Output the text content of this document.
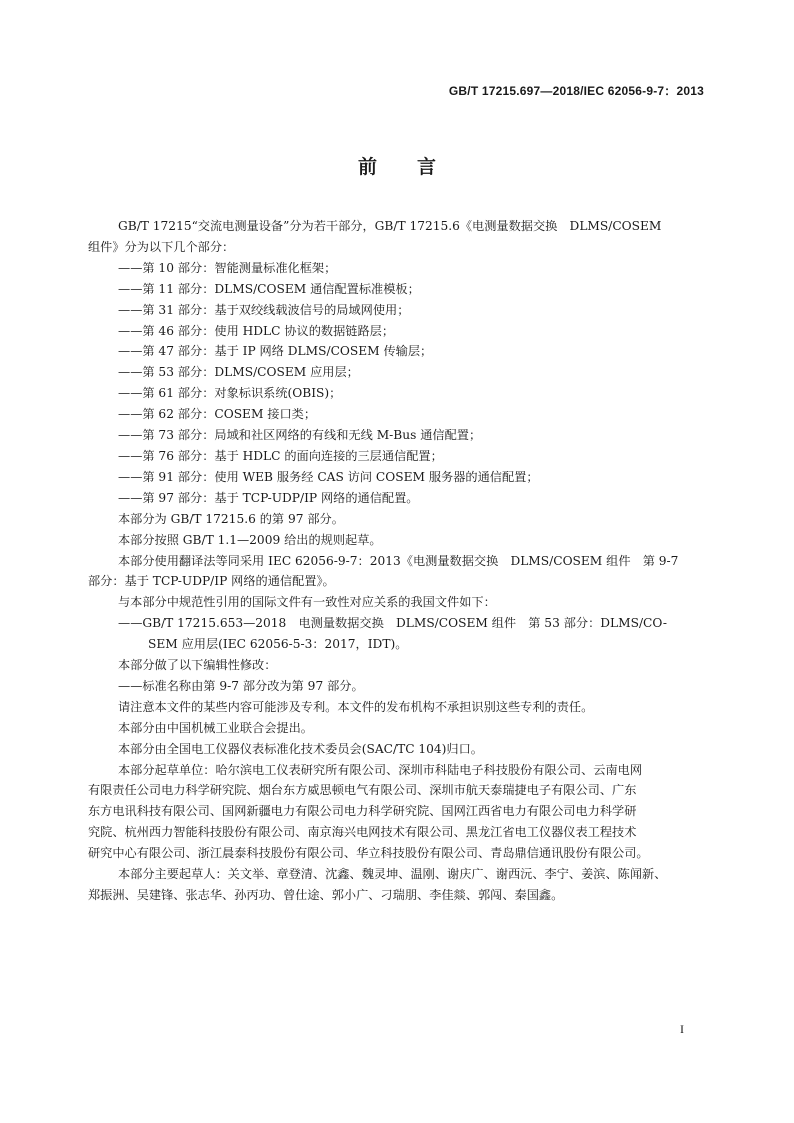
GB/T 17215.697—2018/IEC 62056-9-7：2013
前言

GB/T 17215“交流电测量设备”分为若干部分，GB/T 17215.6《电测量数据交换　DLMS/COSEM

组件》分为以下几个部分：

——第 10 部分：智能测量标准化框架；

——第 11 部分：DLMS/COSEM 通信配置标准模板；

——第 31 部分：基于双绞线载波信号的局域网使用；

——第 46 部分：使用 HDLC 协议的数据链路层；

——第 47 部分：基于 IP 网络 DLMS/COSEM 传输层；

——第 53 部分：DLMS/COSEM 应用层；

——第 61 部分：对象标识系统(OBIS)；

——第 62 部分：COSEM 接口类；

——第 73 部分：局域和社区网络的有线和无线 M-Bus 通信配置；

——第 76 部分：基于 HDLC 的面向连接的三层通信配置；

——第 91 部分：使用 WEB 服务经 CAS 访问 COSEM 服务器的通信配置；

——第 97 部分：基于 TCP-UDP/IP 网络的通信配置。

本部分为 GB/T 17215.6 的第 97 部分。

本部分按照 GB/T 1.1—2009 给出的规则起草。

本部分使用翻译法等同采用 IEC 62056-9-7：2013《电测量数据交换　DLMS/COSEM 组件　第 9-7

部分：基于 TCP-UDP/IP 网络的通信配置》。

与本部分中规范性引用的国际文件有一致性对应关系的我国文件如下：

——GB/T 17215.653—2018　电测量数据交换　DLMS/COSEM 组件　第 53 部分：DLMS/CO-

SEM 应用层(IEC 62056-5-3：2017，IDT)。

本部分做了以下编辑性修改：

——标准名称由第 9-7 部分改为第 97 部分。

请注意本文件的某些内容可能涉及专利。本文件的发布机构不承担识别这些专利的责任。

本部分由中国机械工业联合会提出。

本部分由全国电工仪器仪表标准化技术委员会(SAC/TC 104)归口。

本部分起草单位：哈尔滨电工仪表研究所有限公司、深圳市科陆电子科技股份有限公司、云南电网

有限责任公司电力科学研究院、烟台东方威思顿电气有限公司、深圳市航天泰瑞捷电子有限公司、广东

东方电讯科技有限公司、国网新疆电力有限公司电力科学研究院、国网江西省电力有限公司电力科学研

究院、杭州西力智能科技股份有限公司、南京海兴电网技术有限公司、黑龙江省电工仪器仪表工程技术

研究中心有限公司、浙江晨泰科技股份有限公司、华立科技股份有限公司、青岛鼎信通讯股份有限公司。

本部分主要起草人：关文举、章登清、沈鑫、魏灵坤、温刚、谢庆广、谢西沅、李宁、姜滨、陈闻新、

郑振洲、吴建锋、张志华、孙丙功、曾仕途、郭小广、刁瑞朋、李佳燚、郭闯、秦国鑫。

I
